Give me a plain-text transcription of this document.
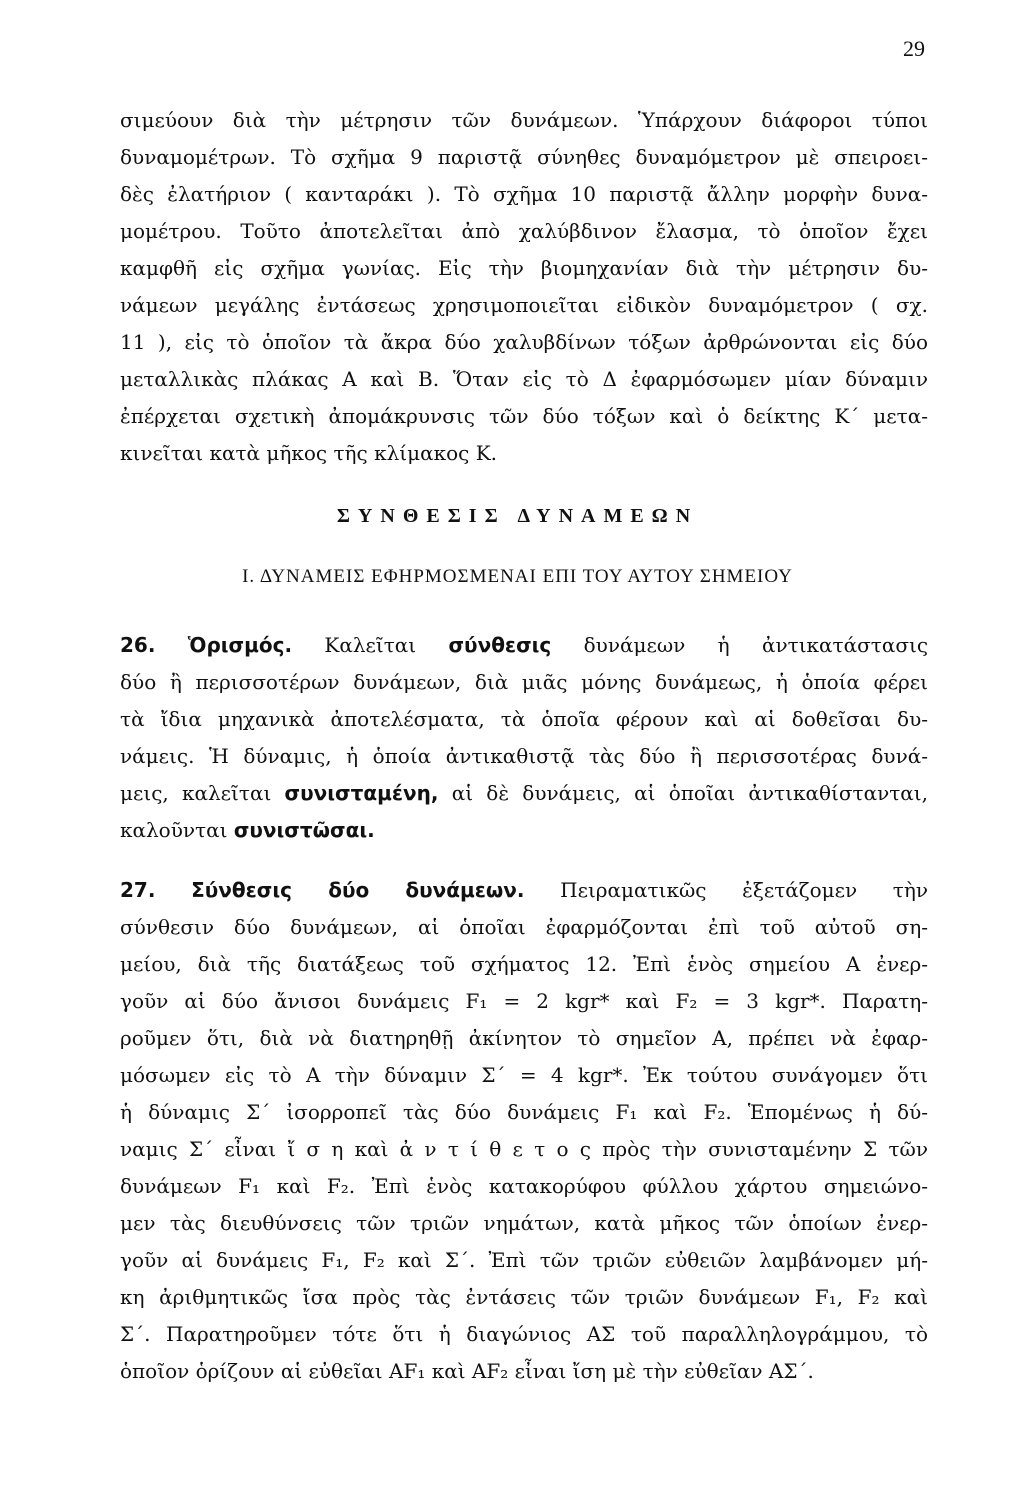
29
σιμεύουν διὰ τὴν μέτρησιν τῶν δυνάμεων. Ὑπάρχουν διάφοροι τύποι
δυναμομέτρων. Τὸ σχῆμα 9 παριστᾷ σύνηθες δυναμόμετρον μὲ σπειροει-
δὲς ἐλατήριον ( κανταράκι ). Τὸ σχῆμα 10 παριστᾷ ἄλλην μορφὴν δυνα-
μομέτρου. Τοῦτο ἀποτελεῖται ἀπὸ χαλύβδινον ἔλασμα, τὸ ὁποῖον ἔχει
καμφθῆ εἰς σχῆμα γωνίας. Εἰς τὴν βιομηχανίαν διὰ τὴν μέτρησιν δυ-
νάμεων μεγάλης ἐντάσεως χρησιμοποιεῖται εἰδικὸν δυναμόμετρον ( σχ.
11 ), εἰς τὸ ὁποῖον τὰ ἄκρα δύο χαλυβδίνων τόξων ἀρθρώνονται εἰς δύο
μεταλλικὰς πλάκας Α καὶ Β. Ὅταν εἰς τὸ Δ ἐφαρμόσωμεν μίαν δύναμιν
ἐπέρχεται σχετικὴ ἀπομάκρυνσις τῶν δύο τόξων καὶ ὁ δείκτης Κ΄ μετα-
κινεῖται κατὰ μῆκος τῆς κλίμακος Κ.
ΣΥΝΘΕΣΙΣ ΔΥΝΑΜΕΩΝ
Ι. ΔΥΝΑΜΕΙΣ ΕΦΗΡΜΟΣΜΕΝΑΙ ΕΠΙ ΤΟΥ ΑΥΤΟΥ ΣΗΜΕΙΟΥ
26. Ὁρισμός. Καλεῖται σύνθεσις δυνάμεων ἡ ἀντικατάστασις
δύο ἢ περισσοτέρων δυνάμεων, διὰ μιᾶς μόνης δυνάμεως, ἡ ὁποία φέρει
τὰ ἴδια μηχανικὰ ἀποτελέσματα, τὰ ὁποῖα φέρουν καὶ αἱ δοθεῖσαι δυ-
νάμεις. Ἡ δύναμις, ἡ ὁποία ἀντικαθιστᾷ τὰς δύο ἢ περισσοτέρας δυνά-
μεις, καλεῖται συνισταμένη, αἱ δὲ δυνάμεις, αἱ ὁποῖαι ἀντικαθίστανται,
καλοῦνται συνιστῶσαι.
27. Σύνθεσις δύο δυνάμεων. Πειραματικῶς ἐξετάζομεν τὴν
σύνθεσιν δύο δυνάμεων, αἱ ὁποῖαι ἐφαρμόζονται ἐπὶ τοῦ αὐτοῦ ση-
μείου, διὰ τῆς διατάξεως τοῦ σχήματος 12. Ἐπὶ ἑνὸς σημείου Α ἐνερ-
γοῦν αἱ δύο ἄνισοι δυνάμεις F₁ = 2 kgr* καὶ F₂ = 3 kgr*. Παρατη-
ροῦμεν ὅτι, διὰ νὰ διατηρηθῇ ἀκίνητον τὸ σημεῖον Α, πρέπει νὰ ἐφαρ-
μόσωμεν εἰς τὸ Α τὴν δύναμιν Σ΄ = 4 kgr*. Ἐκ τούτου συνάγομεν ὅτι
ἡ δύναμις Σ΄ ἰσορροπεῖ τὰς δύο δυνάμεις F₁ καὶ F₂. Ἑπομένως ἡ δύ-
ναμις Σ΄ εἶναι ἴ σ η καὶ ἀ ν τ ί θ ε τ ο ς πρὸς τὴν συνισταμένην Σ τῶν
δυνάμεων F₁ καὶ F₂. Ἐπὶ ἑνὸς κατακορύφου φύλλου χάρτου σημειώνο-
μεν τὰς διευθύνσεις τῶν τριῶν νημάτων, κατὰ μῆκος τῶν ὁποίων ἐνερ-
γοῦν αἱ δυνάμεις F₁, F₂ καὶ Σ΄. Ἐπὶ τῶν τριῶν εὐθειῶν λαμβάνομεν μή-
κη ἀριθμητικῶς ἴσα πρὸς τὰς ἐντάσεις τῶν τριῶν δυνάμεων F₁, F₂ καὶ
Σ΄. Παρατηροῦμεν τότε ὅτι ἡ διαγώνιος ΑΣ τοῦ παραλληλογράμμου, τὸ
ὁποῖον ὁρίζουν αἱ εὐθεῖαι ΑF₁ καὶ ΑF₂ εἶναι ἴση μὲ τὴν εὐθεῖαν ΑΣ΄.
